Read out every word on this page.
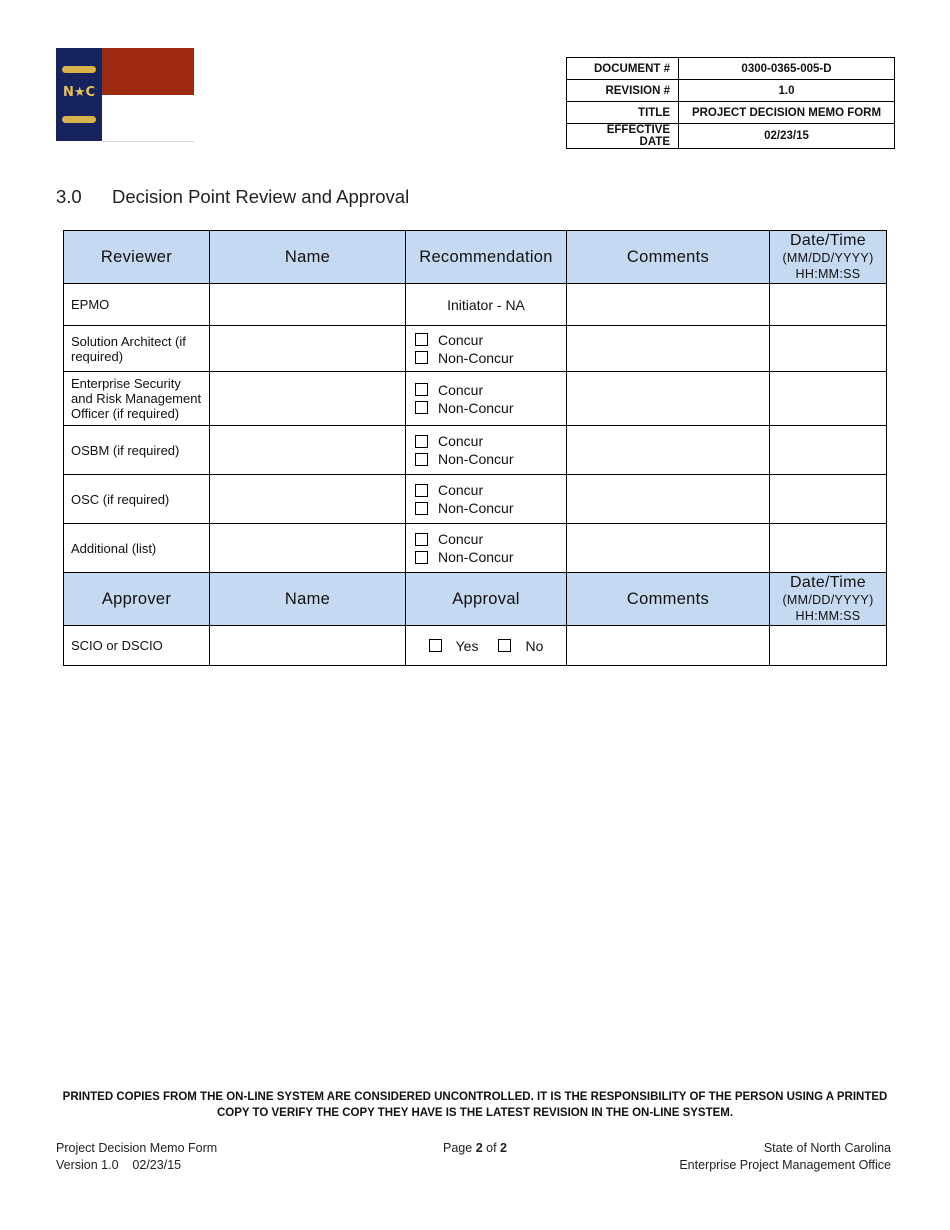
N★C
DOCUMENT #	0300-0365-005-D
REVISION #	1.0
TITLE	PROJECT DECISION MEMO FORM
EFFECTIVE DATE	02/23/15
3.0 Decision Point Review and Approval
Reviewer	Name	Recommendation	Comments	Date/Time
(MM/DD/YYYY)
HH:MM:SS

EPMO		Initiator - NA		
Solution Architect (if required)		Concur
Non-Concur		

Enterprise Security and Risk Management Officer (if required)		Concur
Non-Concur		

OSBM (if required)		Concur
Non-Concur		

OSC (if required)		Concur
Non-Concur		

Additional (list)		Concur
Non-Concur		

Approver	Name	Approval	Comments	Date/Time
(MM/DD/YYYY)
HH:MM:SS

SCIO or DSCIO		Yes No		

PRINTED COPIES FROM THE ON-LINE SYSTEM ARE CONSIDERED UNCONTROLLED. IT IS THE RESPONSIBILITY OF THE PERSON USING A PRINTED
COPY TO VERIFY THE COPY THEY HAVE IS THE LATEST REVISION IN THE ON-LINE SYSTEM.
Project Decision Memo Form
Version 1.0    02/23/15
Page 2 of 2	State of North Carolina
Enterprise Project Management Office
